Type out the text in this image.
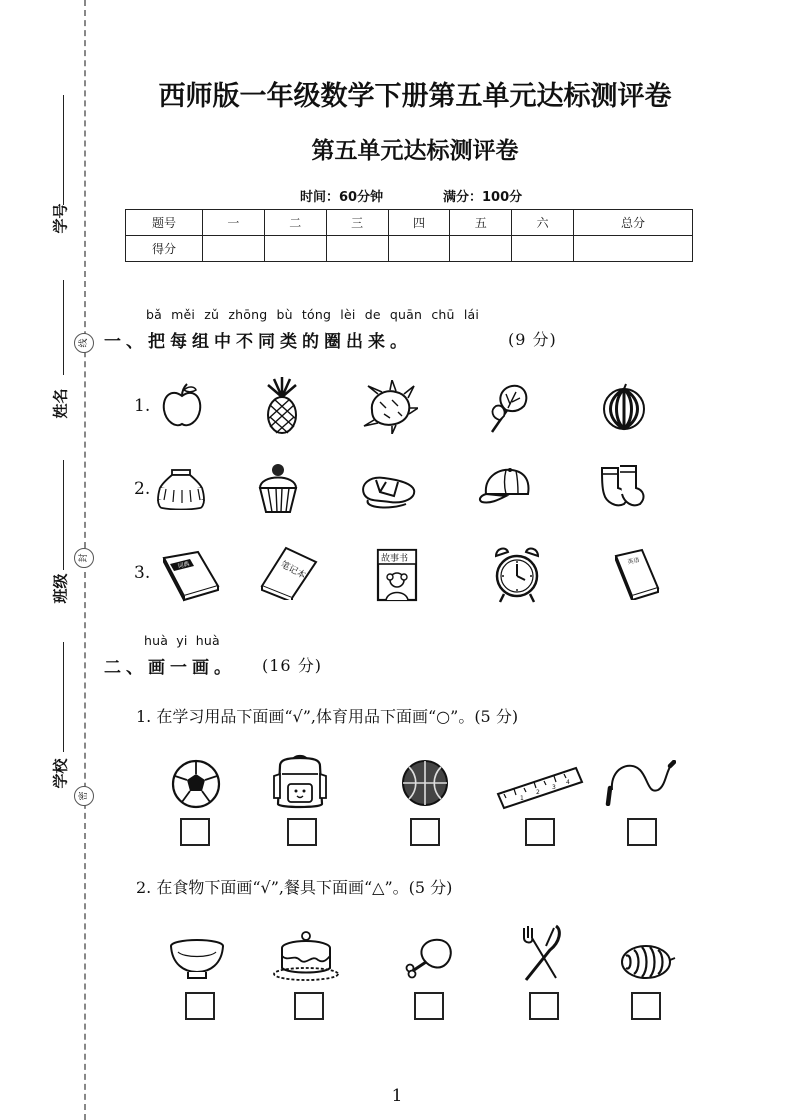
学号
姓名
班级
学校
线
封
密
西师版一年级数学下册第五单元达标测评卷
第五单元达标测评卷
时间：60分钟	满分：100分
题号	一	二	三	四	五	六	总分
得分							
bǎ měi zǔ zhōng bù tóng lèi de quān chū lái
一、把每组中不同类的圈出来。	(9 分)
1.
2.
3.	词典	笔记本
故事书	英语
huà yi huà
二、画一画。 (16 分)
1. 在学习用品下面画“√”,体育用品下面画“○”。(5 分)
1
2
3
4
2. 在食物下面画“√”,餐具下面画“△”。(5 分)
1
